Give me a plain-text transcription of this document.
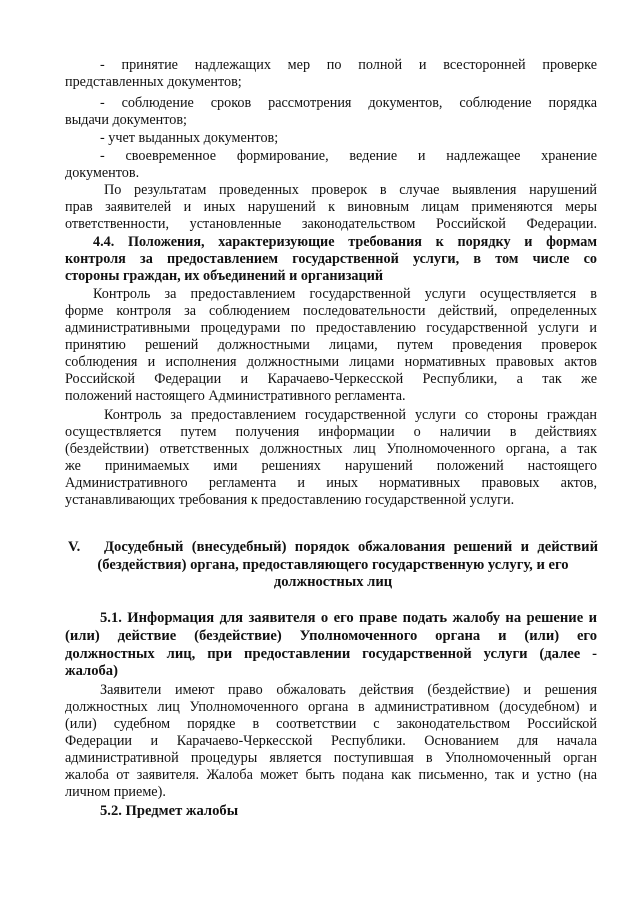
- принятие надлежащих мер по полной и всесторонней проверке
представленных документов;
- соблюдение сроков рассмотрения документов, соблюдение порядка
выдачи документов;
- учет выданных документов;
- своевременное формирование, ведение и надлежащее хранение
документов.
По результатам проведенных проверок в случае выявления нарушений
прав заявителей и иных нарушений к виновным лицам применяются меры
ответственности, установленные законодательством Российской Федерации.
4.4. Положения, характеризующие требования к порядку и формам
контроля за предоставлением государственной услуги, в том числе со
стороны граждан, их объединений и организаций
Контроль за предоставлением государственной услуги осуществляется в
форме контроля за соблюдением последовательности действий, определенных
административными процедурами по предоставлению государственной услуги и
принятию решений должностными лицами, путем проведения проверок
соблюдения и исполнения должностными лицами нормативных правовых актов
Российской Федерации и Карачаево-Черкесской Республики, а так же
положений настоящего Административного регламента.
Контроль за предоставлением государственной услуги со стороны граждан
осуществляется путем получения информации о наличии в действиях
(бездействии) ответственных должностных лиц Уполномоченного органа, а так
же принимаемых ими решениях нарушений положений настоящего
Административного регламента и иных нормативных правовых актов,
устанавливающих требования к предоставлению государственной услуги.
V. Досудебный (внесудебный) порядок обжалования решений и действий
(бездействия) органа, предоставляющего государственную услугу, и его
должностных лиц
5.1. Информация для заявителя о его праве подать жалобу на решение и
(или) действие (бездействие) Уполномоченного органа и (или) его
должностных лиц, при предоставлении государственной услуги (далее -
жалоба)
Заявители имеют право обжаловать действия (бездействие) и решения
должностных лиц Уполномоченного органа в административном (досудебном) и
(или) судебном порядке в соответствии с законодательством Российской
Федерации и Карачаево-Черкесской Республики. Основанием для начала
административной процедуры является поступившая в Уполномоченный орган
жалоба от заявителя. Жалоба может быть подана как письменно, так и устно (на
личном приеме).
5.2. Предмет жалобы
